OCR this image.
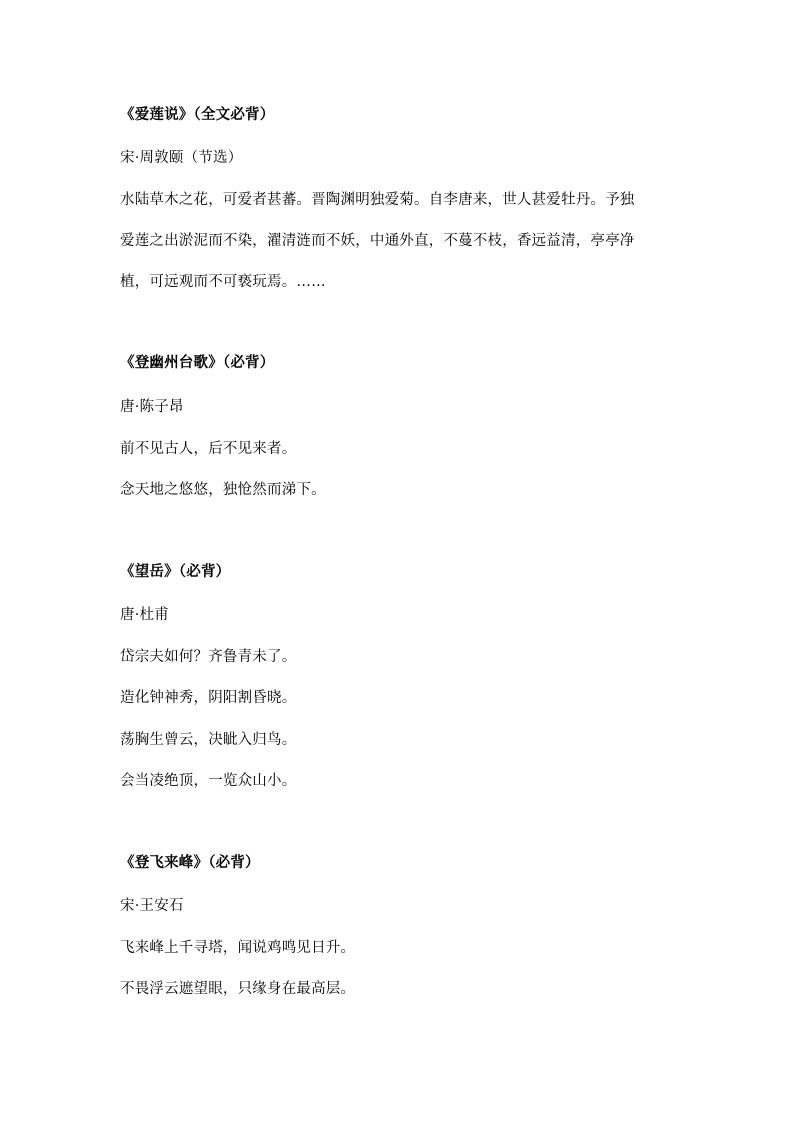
《爱莲说》（全文必背）
宋·周敦颐（节选）
水陆草木之花，可爱者甚蕃。晋陶渊明独爱菊。自李唐来，世人甚爱牡丹。予独
爱莲之出淤泥而不染，濯清涟而不妖，中通外直，不蔓不枝，香远益清，亭亭净
植，可远观而不可亵玩焉。……
《登幽州台歌》（必背）
唐·陈子昂
前不见古人，后不见来者。
念天地之悠悠，独怆然而涕下。
《望岳》（必背）
唐·杜甫
岱宗夫如何？齐鲁青未了。
造化钟神秀，阴阳割昏晓。
荡胸生曾云，决眦入归鸟。
会当凌绝顶，一览众山小。
《登飞来峰》（必背）
宋·王安石
飞来峰上千寻塔，闻说鸡鸣见日升。
不畏浮云遮望眼，只缘身在最高层。
